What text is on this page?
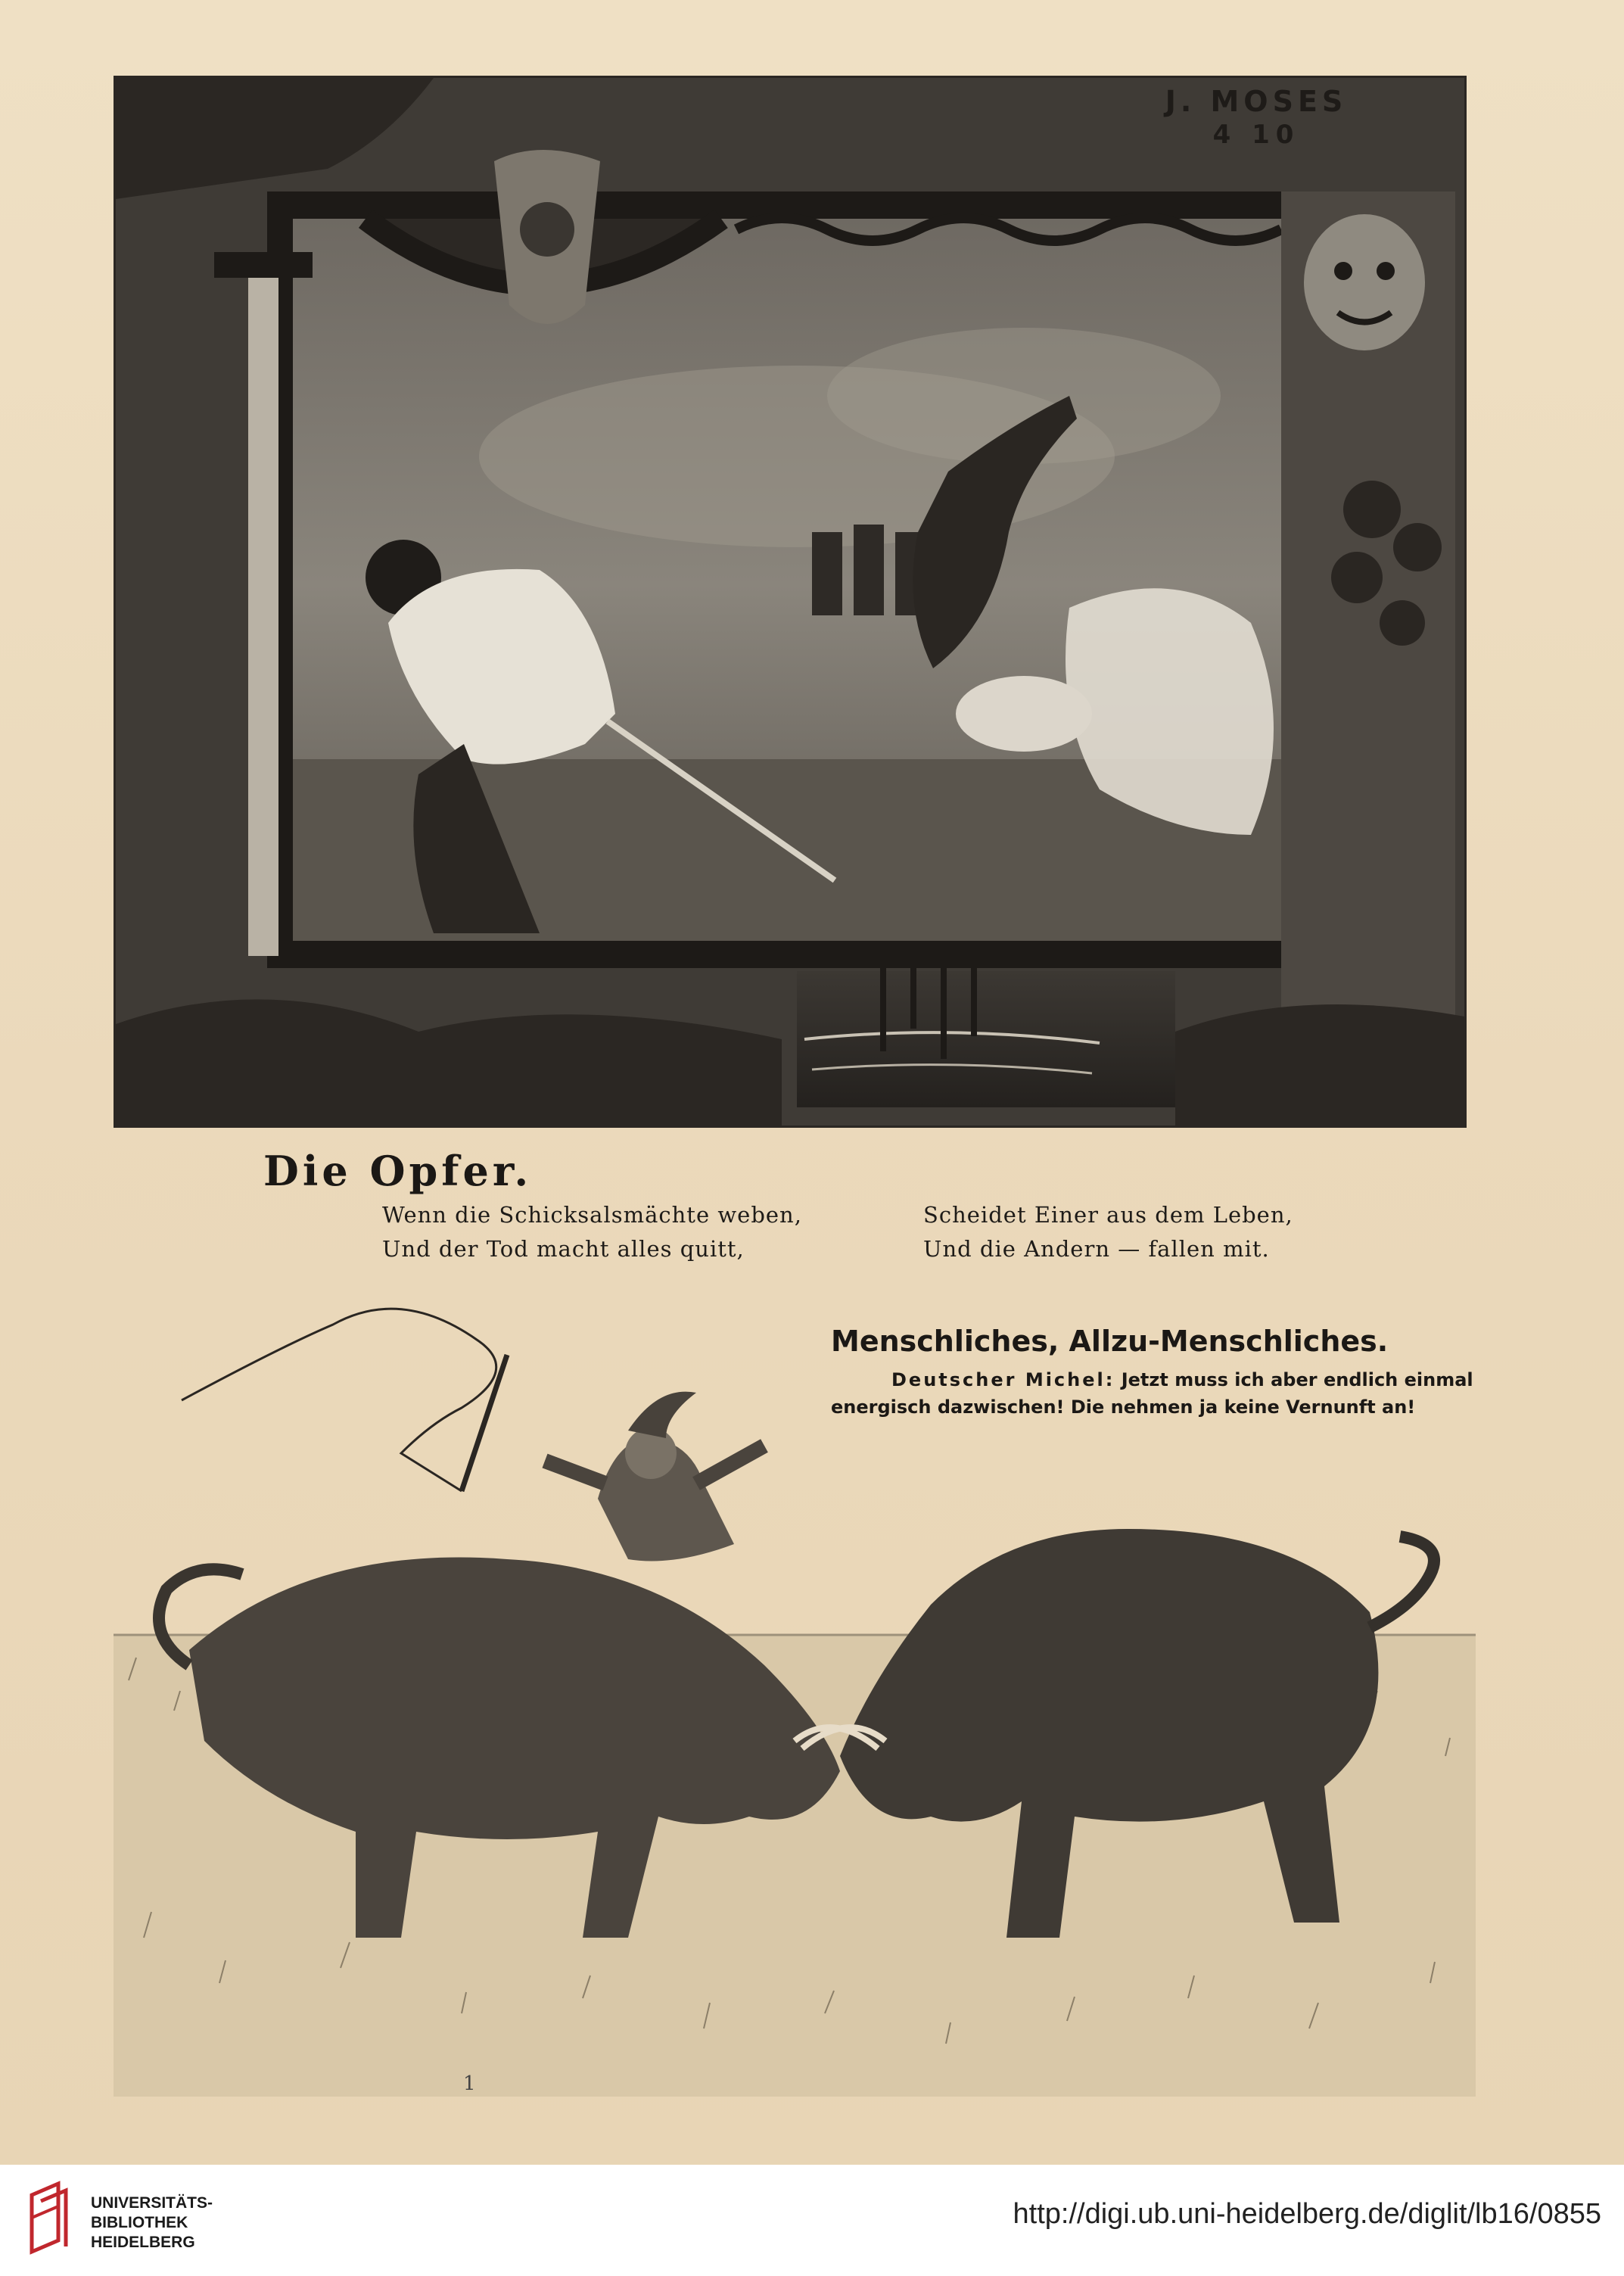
J. MOSES
4 10
Die Opfer.
Wenn die Schicksalsmächte weben,	Scheidet Einer aus dem Leben,
Und der Tod macht alles quitt,	Und die Andern — fallen mit.
Menschliches, Allzu-Menschliches.
Deutscher Michel: Jetzt muss ich aber endlich einmal energisch dazwischen! Die nehmen ja keine Vernunft an!
1
UNIVERSITÄTS-
BIBLIOTHEK
HEIDELBERG
http://digi.ub.uni-heidelberg.de/diglit/lb16/0855
